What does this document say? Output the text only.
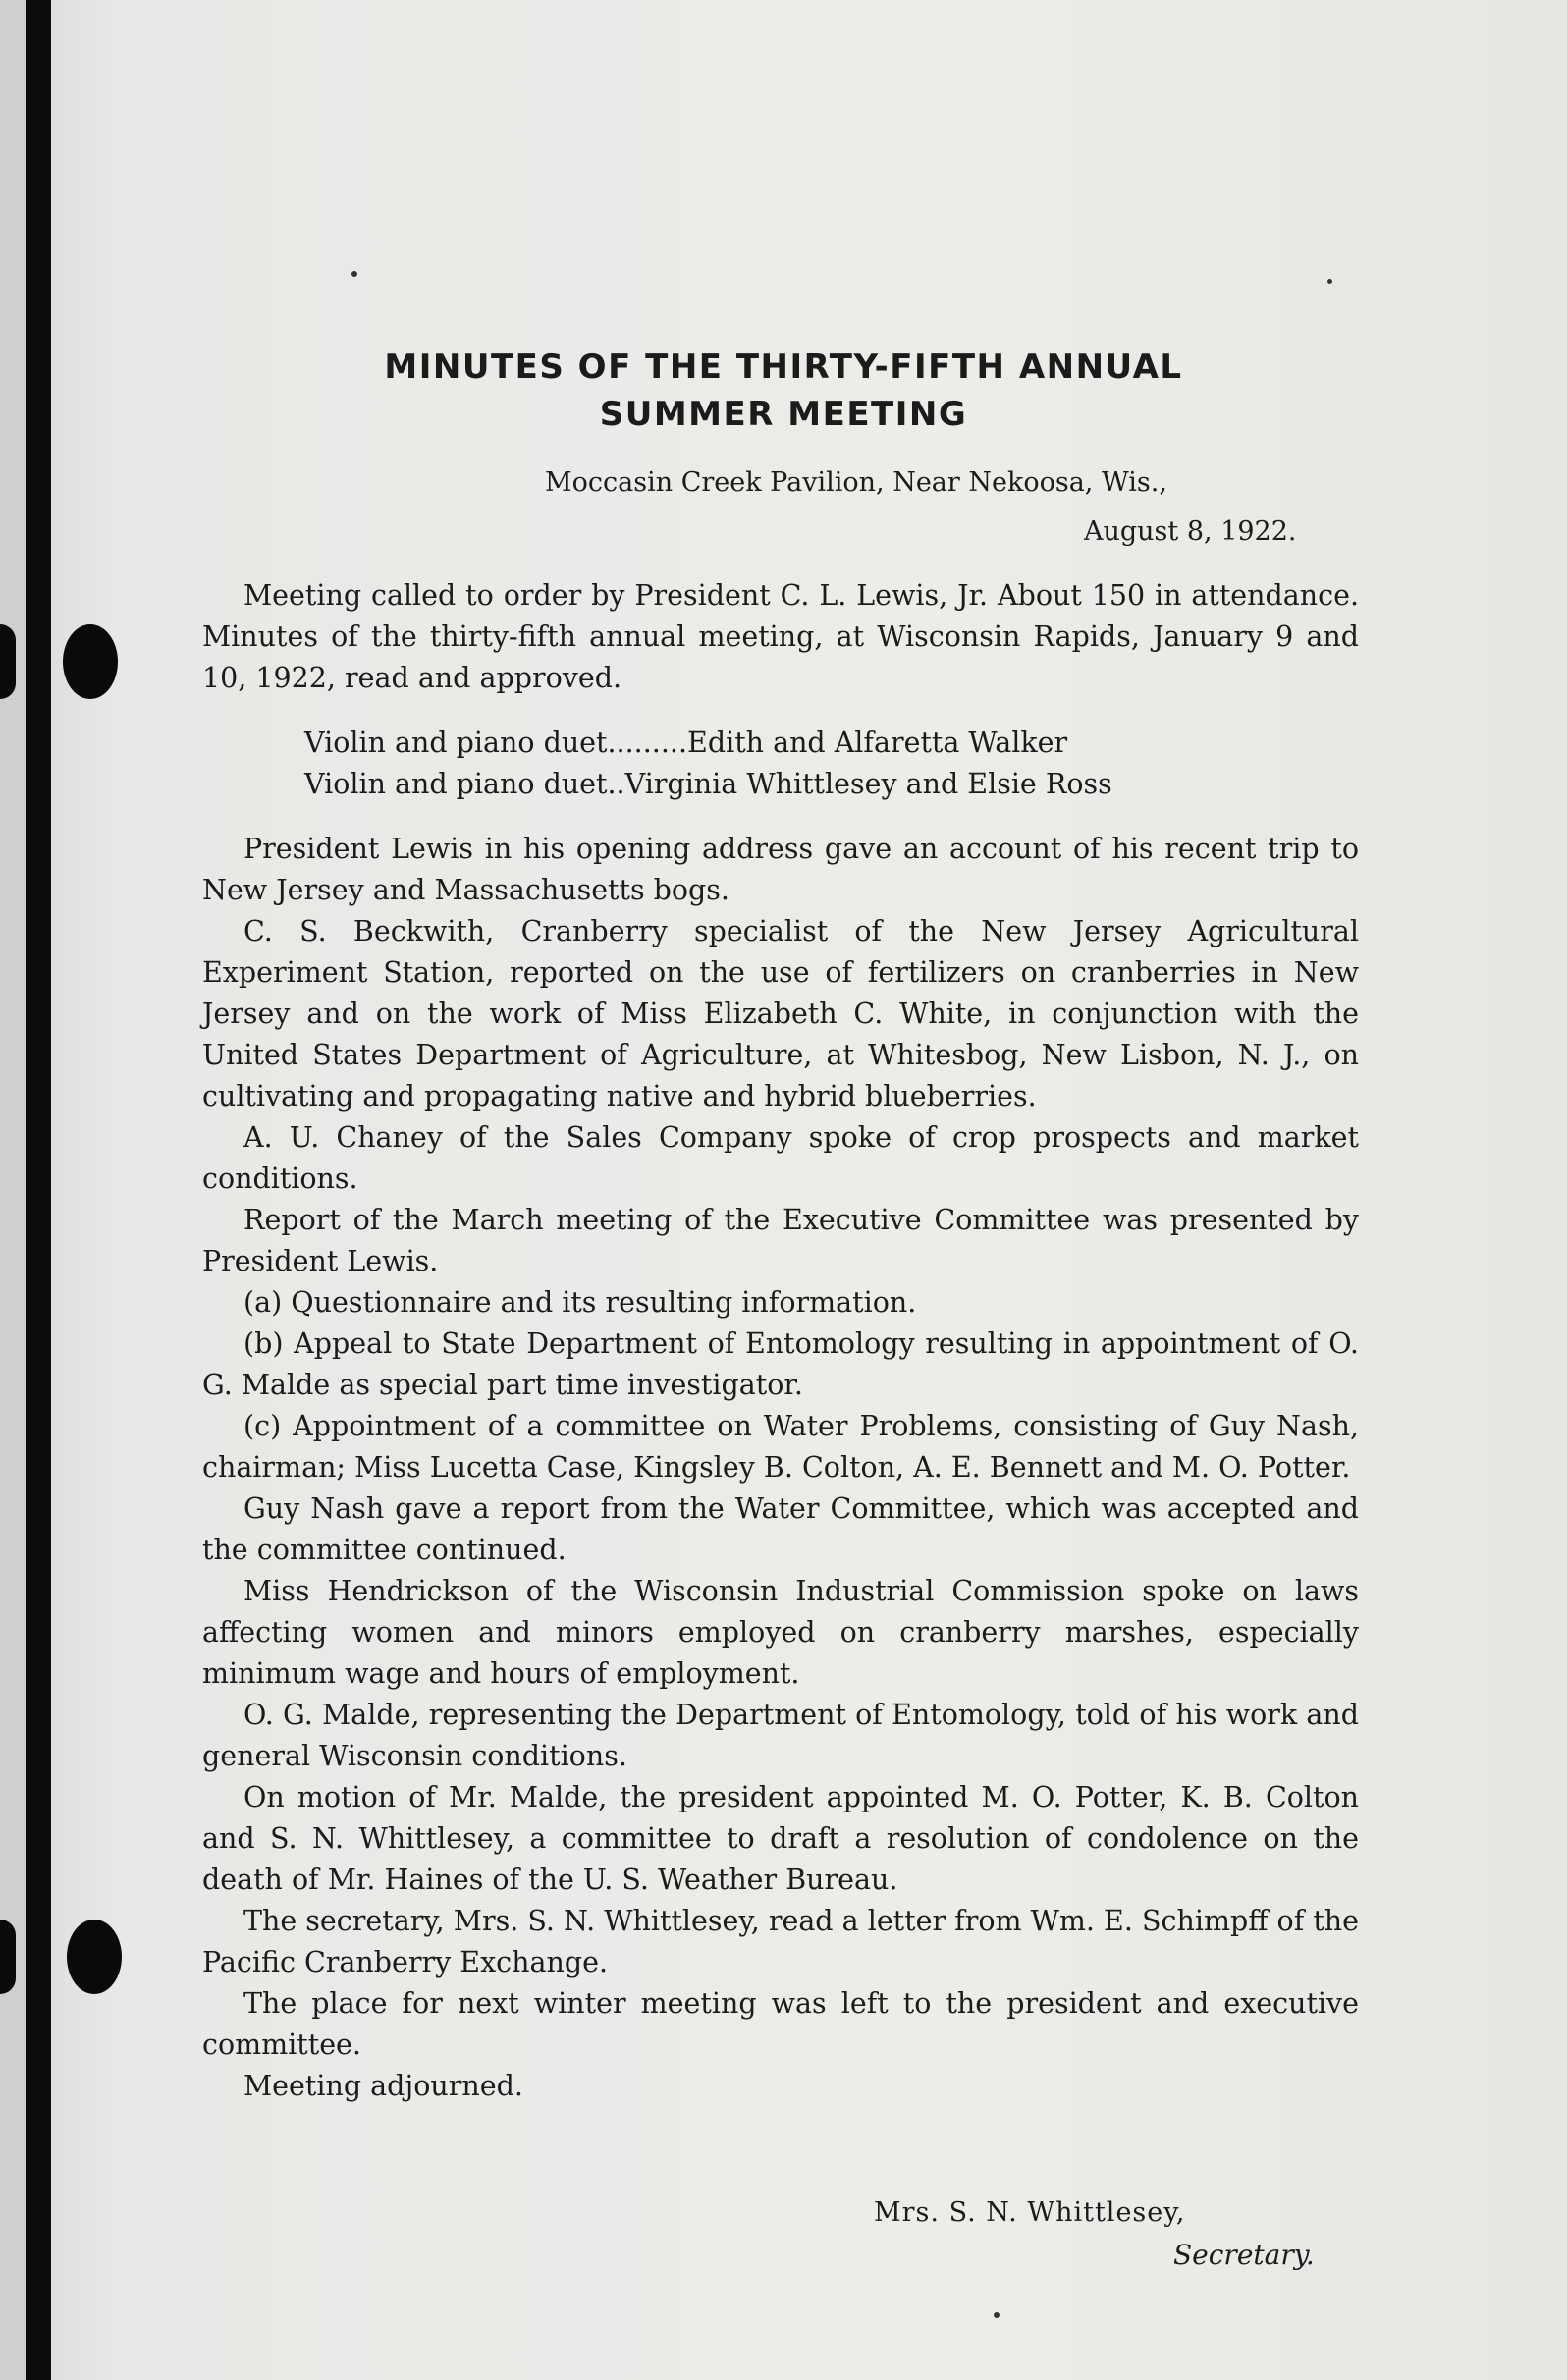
MINUTES OF THE THIRTY-FIFTH ANNUAL
SUMMER MEETING
Moccasin Creek Pavilion, Near Nekoosa, Wis.,
August 8, 1922.

Meeting called to order by President C. L. Lewis, Jr. About 150 in attendance. Minutes of the thirty-fifth annual meeting, at Wisconsin Rapids, January 9 and 10, 1922, read and approved.

Violin and piano duet ......... Edith and Alfaretta Walker
Violin and piano duet .. Virginia Whittlesey and Elsie Ross

President Lewis in his opening address gave an account of his recent trip to New Jersey and Massachusetts bogs.

C. S. Beckwith, Cranberry specialist of the New Jersey Agricultural Experiment Station, reported on the use of fertilizers on cranberries in New Jersey and on the work of Miss Elizabeth C. White, in conjunction with the United States Department of Agriculture, at Whitesbog, New Lisbon, N. J., on cultivating and propagating native and hybrid blueberries.

A. U. Chaney of the Sales Company spoke of crop prospects and market conditions.

Report of the March meeting of the Executive Committee was presented by President Lewis.

(a) Questionnaire and its resulting information.

(b) Appeal to State Department of Entomology resulting in appointment of O. G. Malde as special part time investigator.

(c) Appointment of a committee on Water Problems, consisting of Guy Nash, chairman; Miss Lucetta Case, Kingsley B. Colton, A. E. Bennett and M. O. Potter.

Guy Nash gave a report from the Water Committee, which was accepted and the committee continued.

Miss Hendrickson of the Wisconsin Industrial Commission spoke on laws affecting women and minors employed on cranberry marshes, especially minimum wage and hours of employment.

O. G. Malde, representing the Department of Entomology, told of his work and general Wisconsin conditions.

On motion of Mr. Malde, the president appointed M. O. Potter, K. B. Colton and S. N. Whittlesey, a committee to draft a resolution of condolence on the death of Mr. Haines of the U. S. Weather Bureau.

The secretary, Mrs. S. N. Whittlesey, read a letter from Wm. E. Schimpff of the Pacific Cranberry Exchange.

The place for next winter meeting was left to the president and executive committee.

Meeting adjourned.

Mrs. S. N. Whittlesey,
Secretary.
